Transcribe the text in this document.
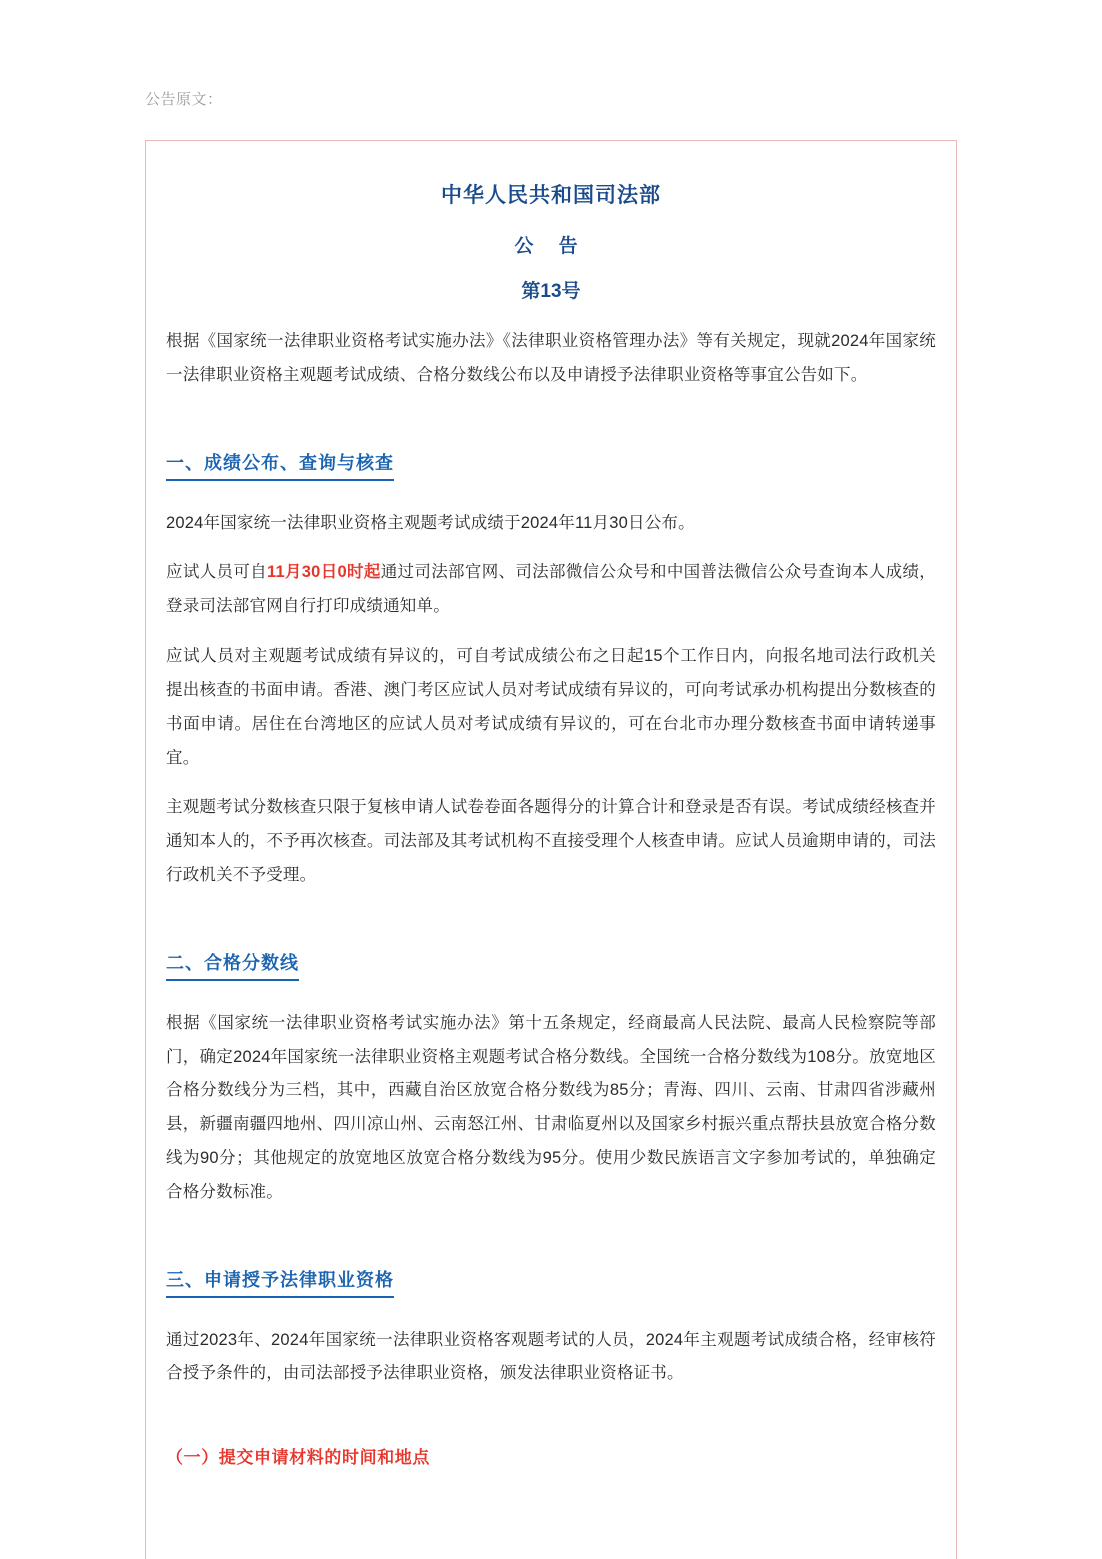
公告原文：
中华人民共和国司法部
公 告
第13号

根据《国家统一法律职业资格考试实施办法》《法律职业资格管理办法》等有关规定，现就2024年国家统一法律职业资格主观题考试成绩、合格分数线公布以及申请授予法律职业资格等事宜公告如下。

一、成绩公布、查询与核查

2024年国家统一法律职业资格主观题考试成绩于2024年11月30日公布。

应试人员可自11月30日0时起通过司法部官网、司法部微信公众号和中国普法微信公众号查询本人成绩，登录司法部官网自行打印成绩通知单。

应试人员对主观题考试成绩有异议的，可自考试成绩公布之日起15个工作日内，向报名地司法行政机关提出核查的书面申请。香港、澳门考区应试人员对考试成绩有异议的，可向考试承办机构提出分数核查的书面申请。居住在台湾地区的应试人员对考试成绩有异议的，可在台北市办理分数核查书面申请转递事宜。

主观题考试分数核查只限于复核申请人试卷卷面各题得分的计算合计和登录是否有误。考试成绩经核查并通知本人的，不予再次核查。司法部及其考试机构不直接受理个人核查申请。应试人员逾期申请的，司法行政机关不予受理。

二、合格分数线

根据《国家统一法律职业资格考试实施办法》第十五条规定，经商最高人民法院、最高人民检察院等部门，确定2024年国家统一法律职业资格主观题考试合格分数线。全国统一合格分数线为108分。放宽地区合格分数线分为三档，其中，西藏自治区放宽合格分数线为85分；青海、四川、云南、甘肃四省涉藏州县，新疆南疆四地州、四川凉山州、云南怒江州、甘肃临夏州以及国家乡村振兴重点帮扶县放宽合格分数线为90分；其他规定的放宽地区放宽合格分数线为95分。使用少数民族语言文字参加考试的，单独确定合格分数标准。

三、申请授予法律职业资格

通过2023年、2024年国家统一法律职业资格客观题考试的人员，2024年主观题考试成绩合格，经审核符合授予条件的，由司法部授予法律职业资格，颁发法律职业资格证书。

（一）提交申请材料的时间和地点
